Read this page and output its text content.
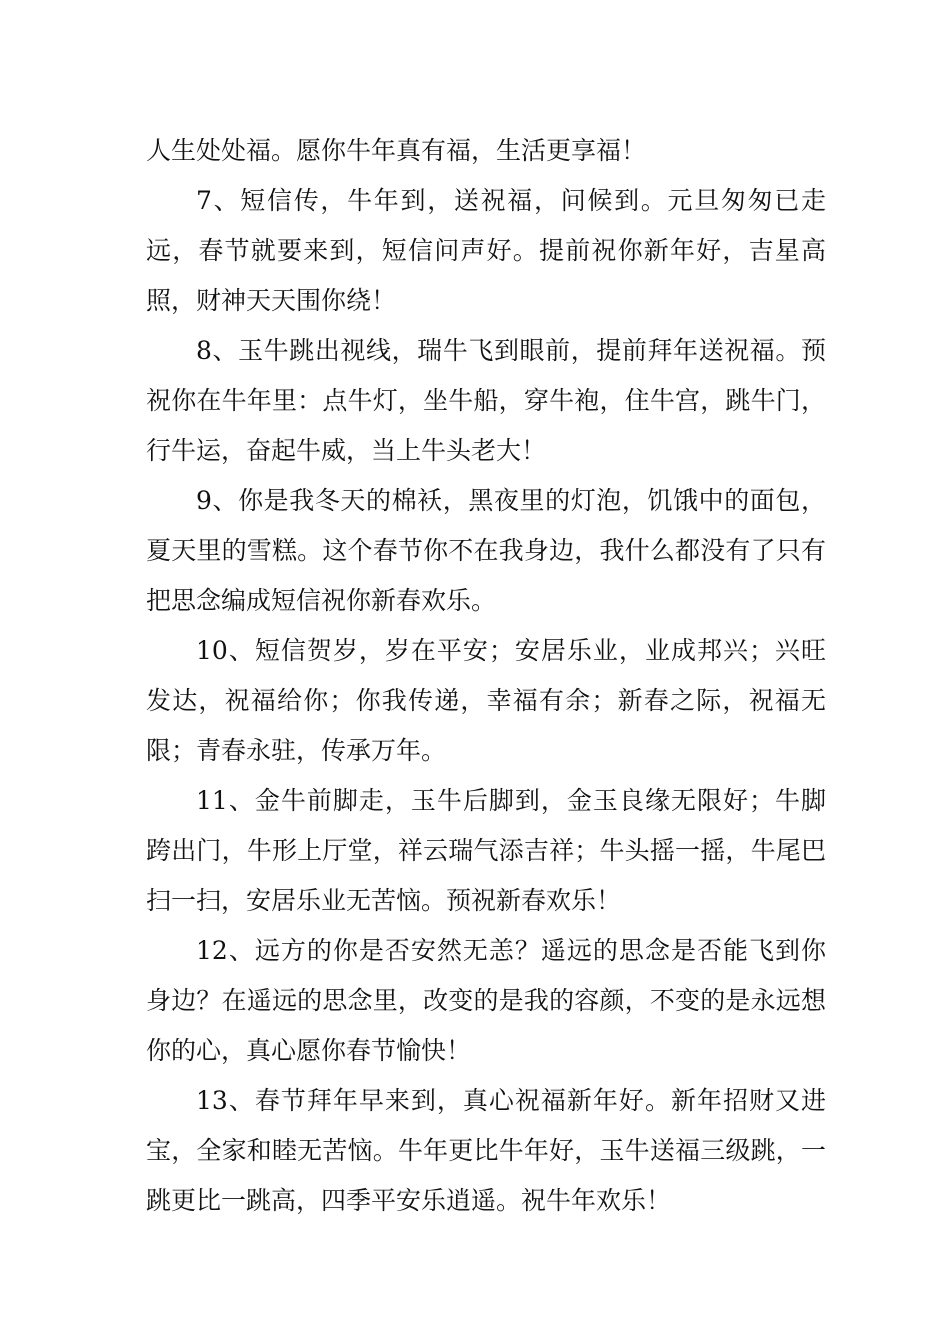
人生处处福。愿你牛年真有福，生活更享福！

7、短信传，牛年到，送祝福，问候到。元旦匆匆已走远，春节就要来到，短信问声好。提前祝你新年好，吉星高照，财神天天围你绕！

8、玉牛跳出视线，瑞牛飞到眼前，提前拜年送祝福。预祝你在牛年里：点牛灯，坐牛船，穿牛袍，住牛宫，跳牛门，行牛运，奋起牛威，当上牛头老大！

9、你是我冬天的棉袄，黑夜里的灯泡，饥饿中的面包，夏天里的雪糕。这个春节你不在我身边，我什么都没有了只有把思念编成短信祝你新春欢乐。

10、短信贺岁，岁在平安；安居乐业，业成邦兴；兴旺发达，祝福给你；你我传递，幸福有余；新春之际，祝福无限；青春永驻，传承万年。

11、金牛前脚走，玉牛后脚到，金玉良缘无限好；牛脚跨出门，牛形上厅堂，祥云瑞气添吉祥；牛头摇一摇，牛尾巴扫一扫，安居乐业无苦恼。预祝新春欢乐！

12、远方的你是否安然无恙？遥远的思念是否能飞到你身边？在遥远的思念里，改变的是我的容颜，不变的是永远想你的心，真心愿你春节愉快！

13、春节拜年早来到，真心祝福新年好。新年招财又进宝，全家和睦无苦恼。牛年更比牛年好，玉牛送福三级跳，一跳更比一跳高，四季平安乐逍遥。祝牛年欢乐！
